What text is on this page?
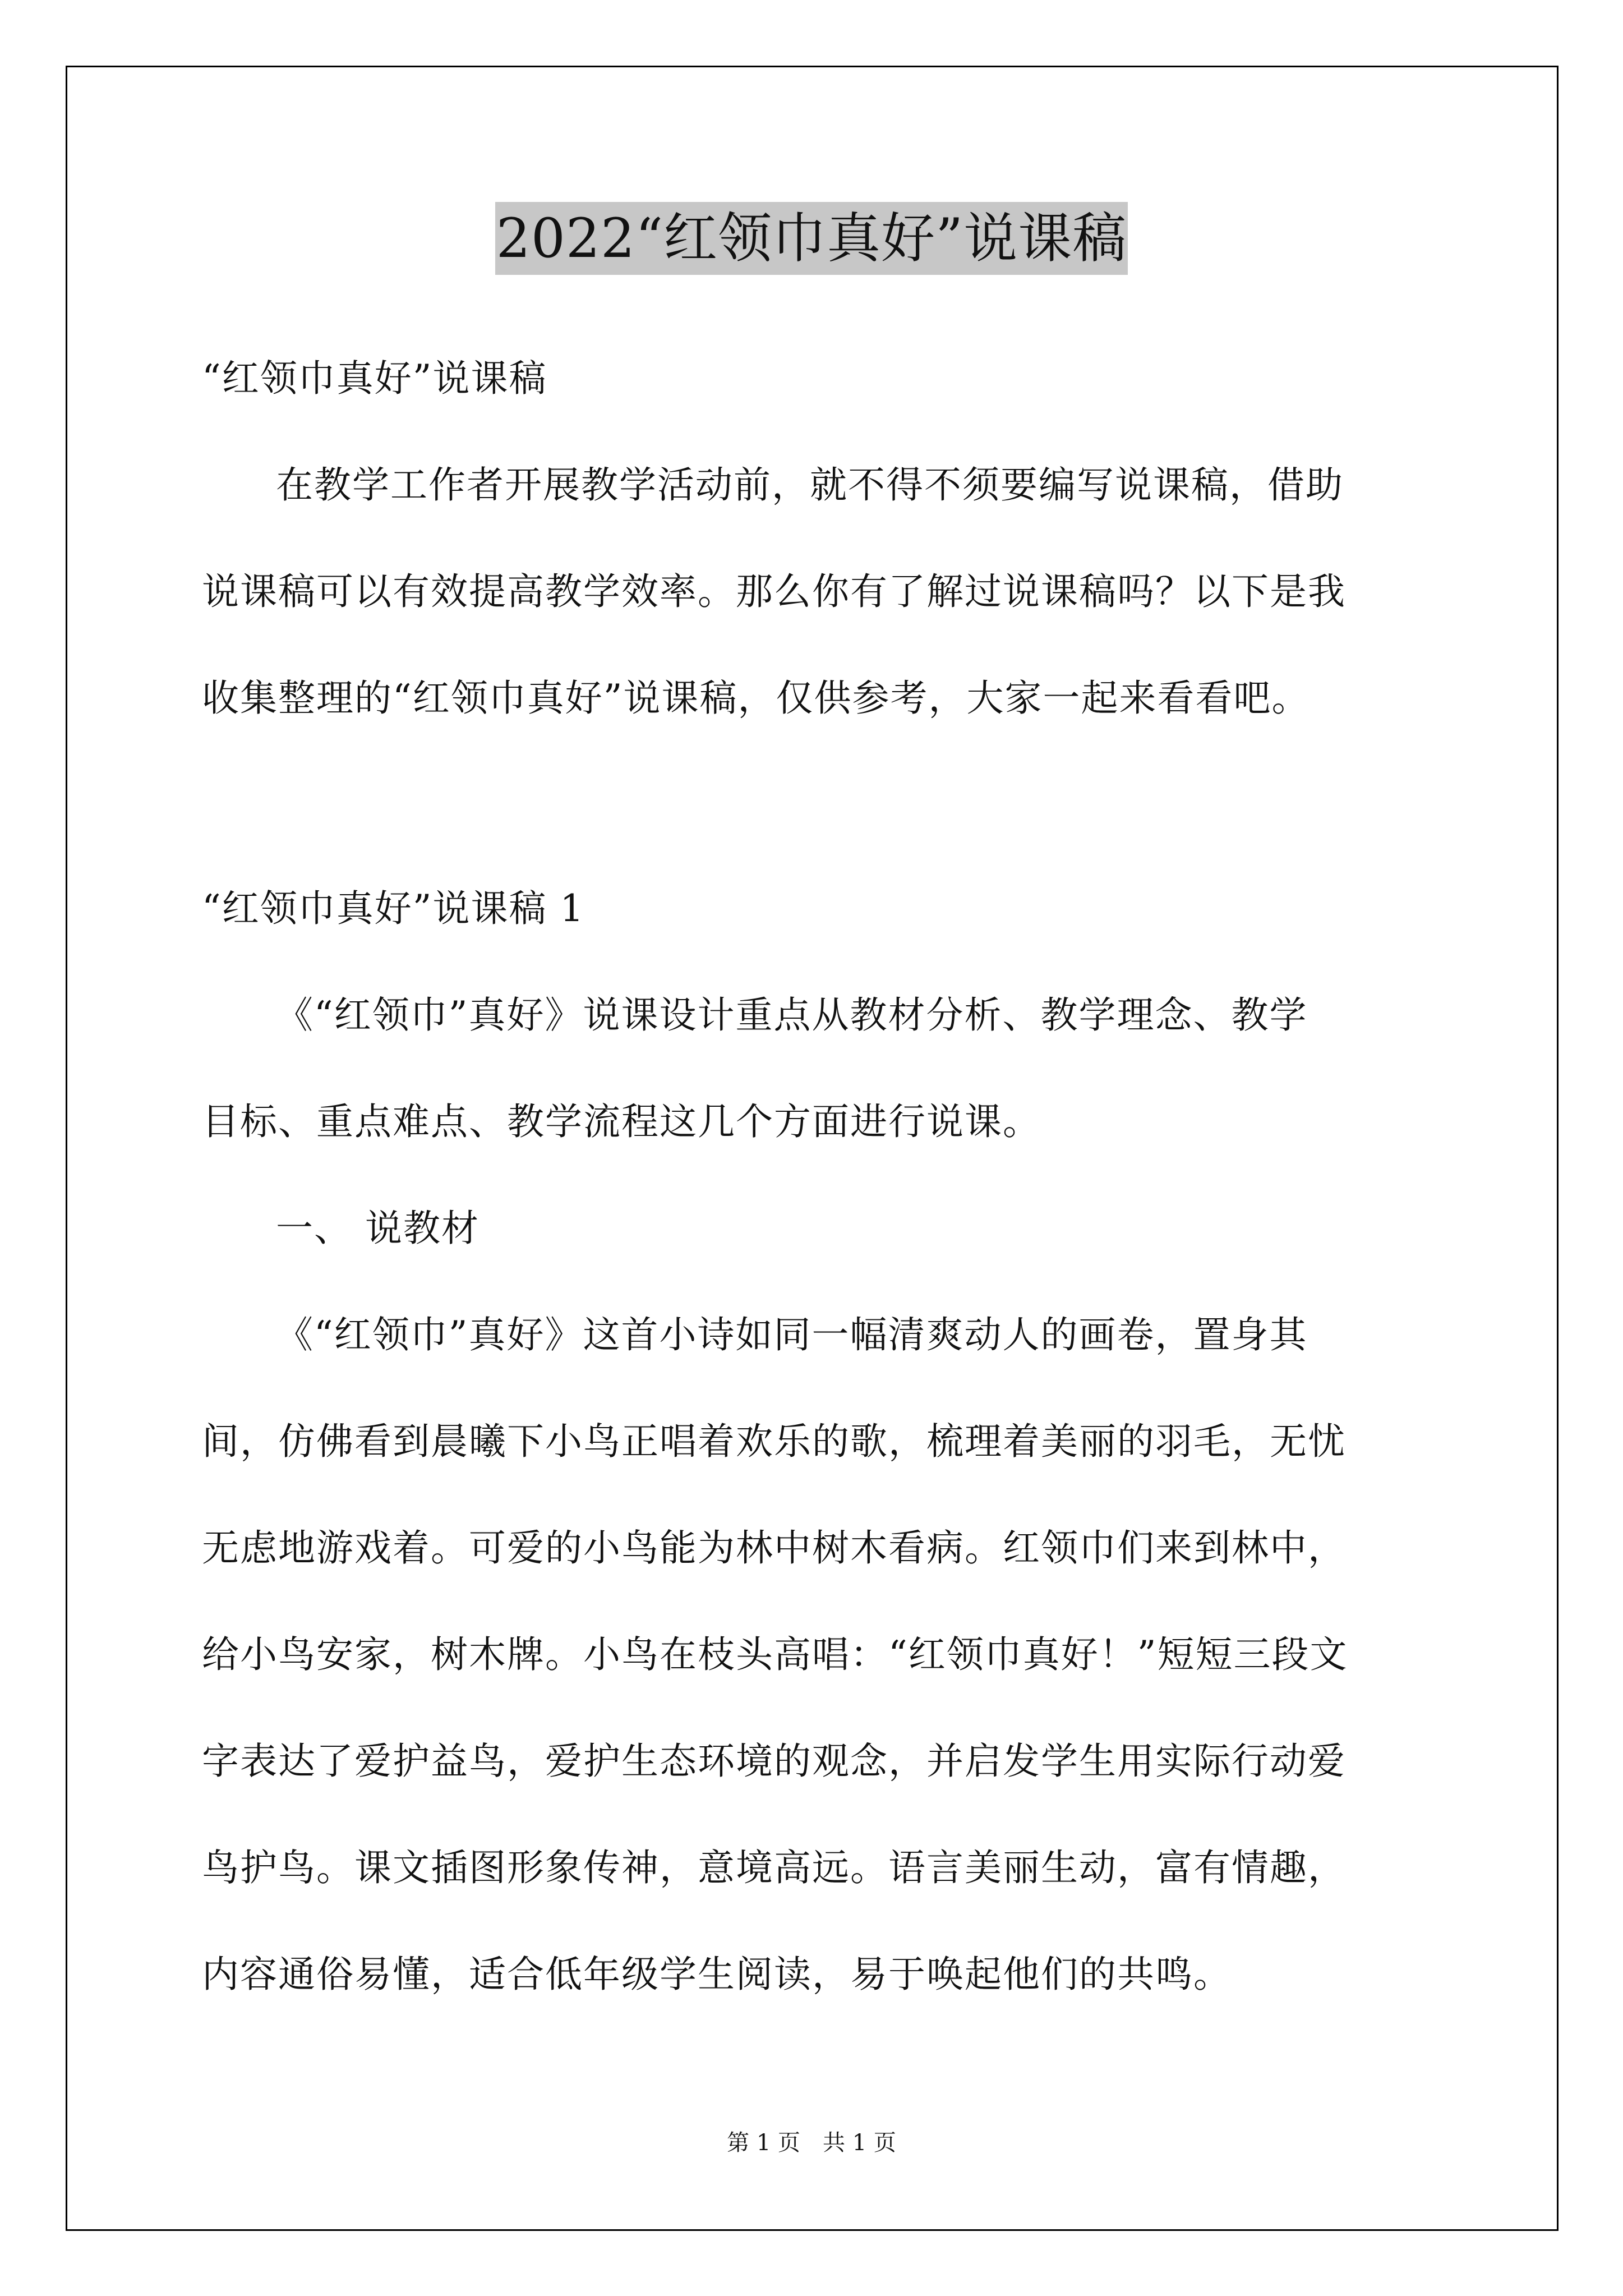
2022“红领巾真好”说课稿
“红领巾真好”说课稿
在教学工作者开展教学活动前，就不得不须要编写说课稿，借助
说课稿可以有效提高教学效率。那么你有了解过说课稿吗？以下是我
收集整理的“红领巾真好”说课稿，仅供参考，大家一起来看看吧。
“红领巾真好”说课稿 1
《“红领巾”真好》说课设计重点从教材分析、教学理念、教学
目标、重点难点、教学流程这几个方面进行说课。
一、 说教材
《“红领巾”真好》这首小诗如同一幅清爽动人的画卷，置身其
间，仿佛看到晨曦下小鸟正唱着欢乐的歌，梳理着美丽的羽毛，无忧
无虑地游戏着。可爱的小鸟能为林中树木看病。红领巾们来到林中，
给小鸟安家，树木牌。小鸟在枝头高唱：“红领巾真好！”短短三段文
字表达了爱护益鸟，爱护生态环境的观念，并启发学生用实际行动爱
鸟护鸟。课文插图形象传神，意境高远。语言美丽生动，富有情趣，
内容通俗易懂，适合低年级学生阅读，易于唤起他们的共鸣。
第 1 页 共 1 页
